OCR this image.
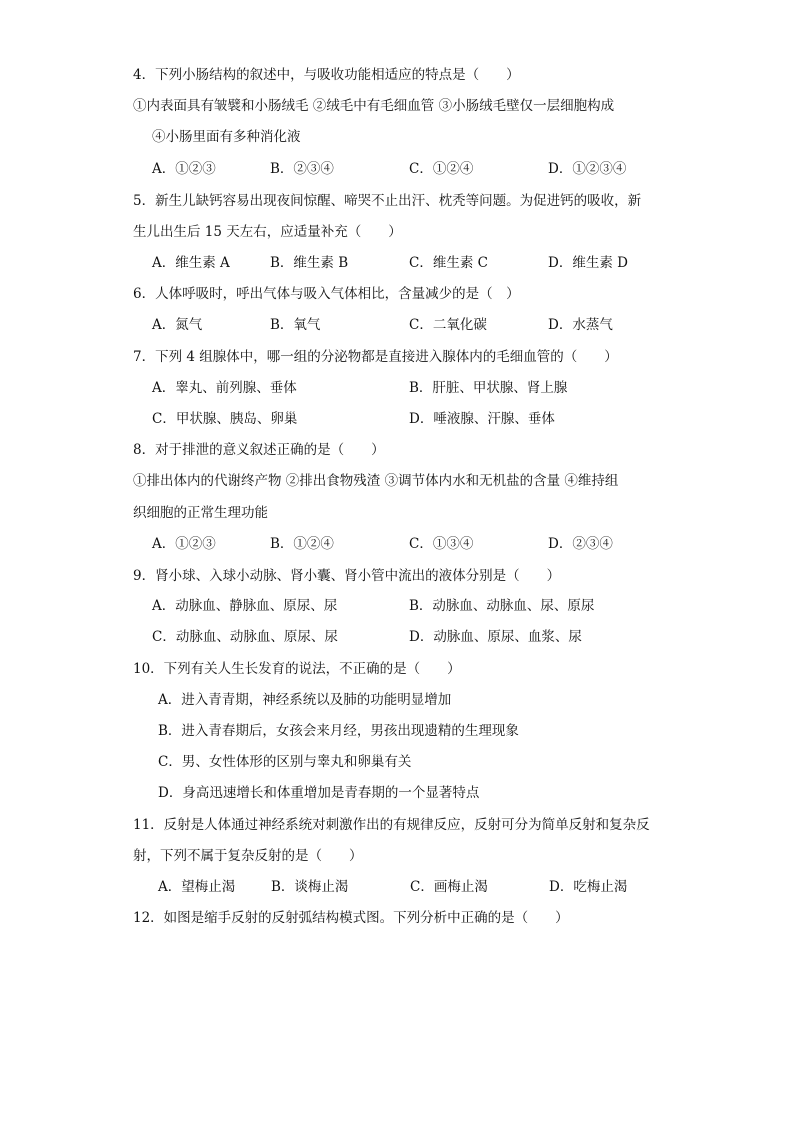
4．下列小肠结构的叙述中，与吸收功能相适应的特点是（　　）
①内表面具有皱襞和小肠绒毛 ②绒毛中有毛细血管 ③小肠绒毛壁仅一层细胞构成
④小肠里面有多种消化液
A．①②③	B．②③④	C．①②④	D．①②③④
5．新生儿缺钙容易出现夜间惊醒、啼哭不止出汗、枕秃等问题。为促进钙的吸收，新
生儿出生后 15 天左右，应适量补充（　　）
A．维生素 A	B．维生素 B	C．维生素 C	D．维生素 D
6．人体呼吸时，呼出气体与吸入气体相比，含量减少的是（　）
A．氮气	B．氧气	C．二氧化碳	D．水蒸气
7．下列 4 组腺体中，哪一组的分泌物都是直接进入腺体内的毛细血管的（　　）
A．睾丸、前列腺、垂体	B．肝脏、甲状腺、肾上腺
C．甲状腺、胰岛、卵巢	D．唾液腺、汗腺、垂体
8．对于排泄的意义叙述正确的是（　　）
①排出体内的代谢终产物 ②排出食物残渣 ③调节体内水和无机盐的含量 ④维持组
织细胞的正常生理功能
A．①②③	B．①②④	C．①③④	D．②③④
9．肾小球、入球小动脉、肾小囊、肾小管中流出的液体分别是（　　）
A．动脉血、静脉血、原尿、尿	B．动脉血、动脉血、尿、原尿
C．动脉血、动脉血、原尿、尿	D．动脉血、原尿、血浆、尿
10．下列有关人生长发育的说法，不正确的是（　　）
A．进入青青期，神经系统以及肺的功能明显增加
B．进入青春期后，女孩会来月经，男孩出现遗精的生理现象
C．男、女性体形的区别与睾丸和卵巢有关
D．身高迅速增长和体重增加是青春期的一个显著特点
11．反射是人体通过神经系统对刺激作出的有规律反应，反射可分为简单反射和复杂反
射，下列不属于复杂反射的是（　　）
A．望梅止渴	B．谈梅止渴	C．画梅止渴	D．吃梅止渴
12．如图是缩手反射的反射弧结构模式图。下列分析中正确的是（　　）
